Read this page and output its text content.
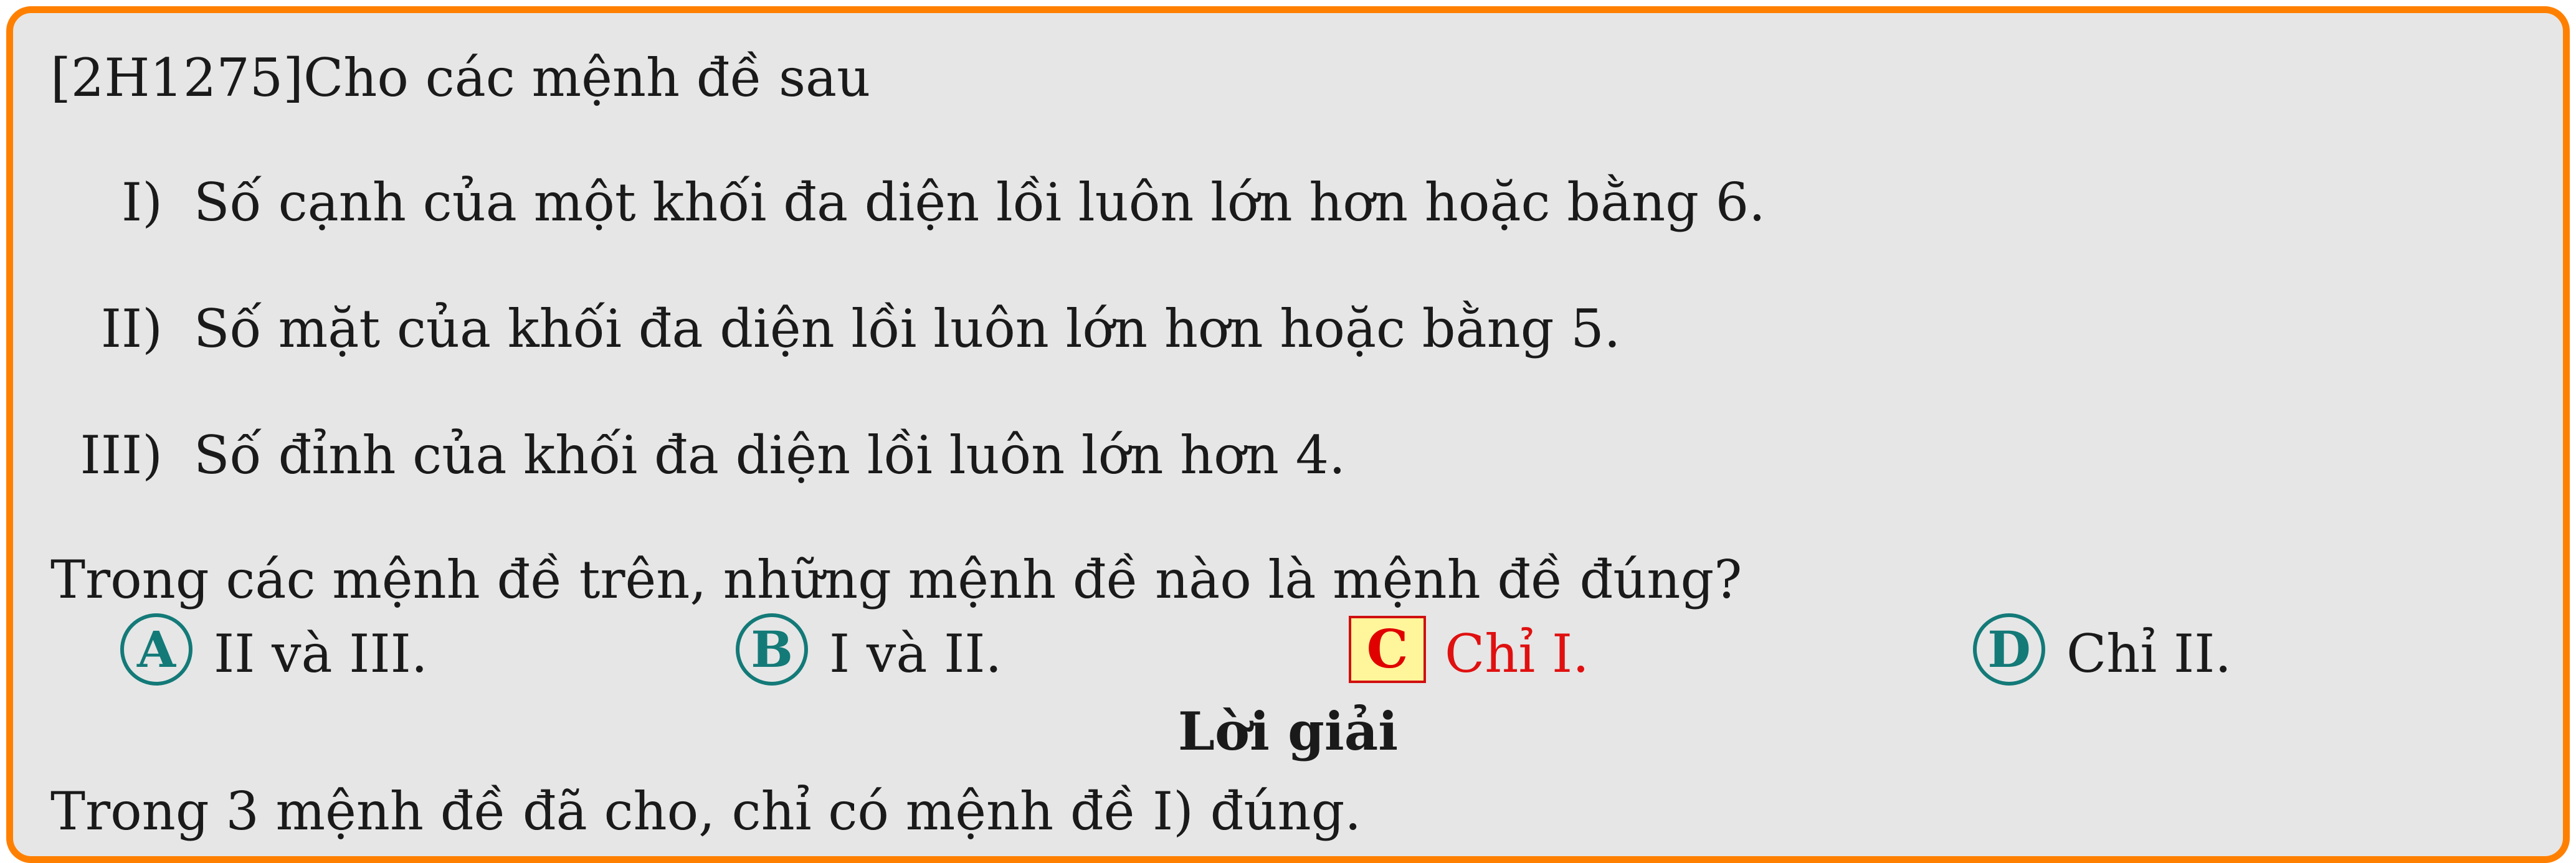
[2H1275]Cho các mệnh đề sau
I) Số cạnh của một khối đa diện lồi luôn lớn hơn hoặc bằng 6.
II) Số mặt của khối đa diện lồi luôn lớn hơn hoặc bằng 5.
III) Số đỉnh của khối đa diện lồi luôn lớn hơn 4.
Trong các mệnh đề trên, những mệnh đề nào là mệnh đề đúng?
A II và III.	B I và II.	C Chỉ I.	D Chỉ II.
Lời giải
Trong 3 mệnh đề đã cho, chỉ có mệnh đề I) đúng.
